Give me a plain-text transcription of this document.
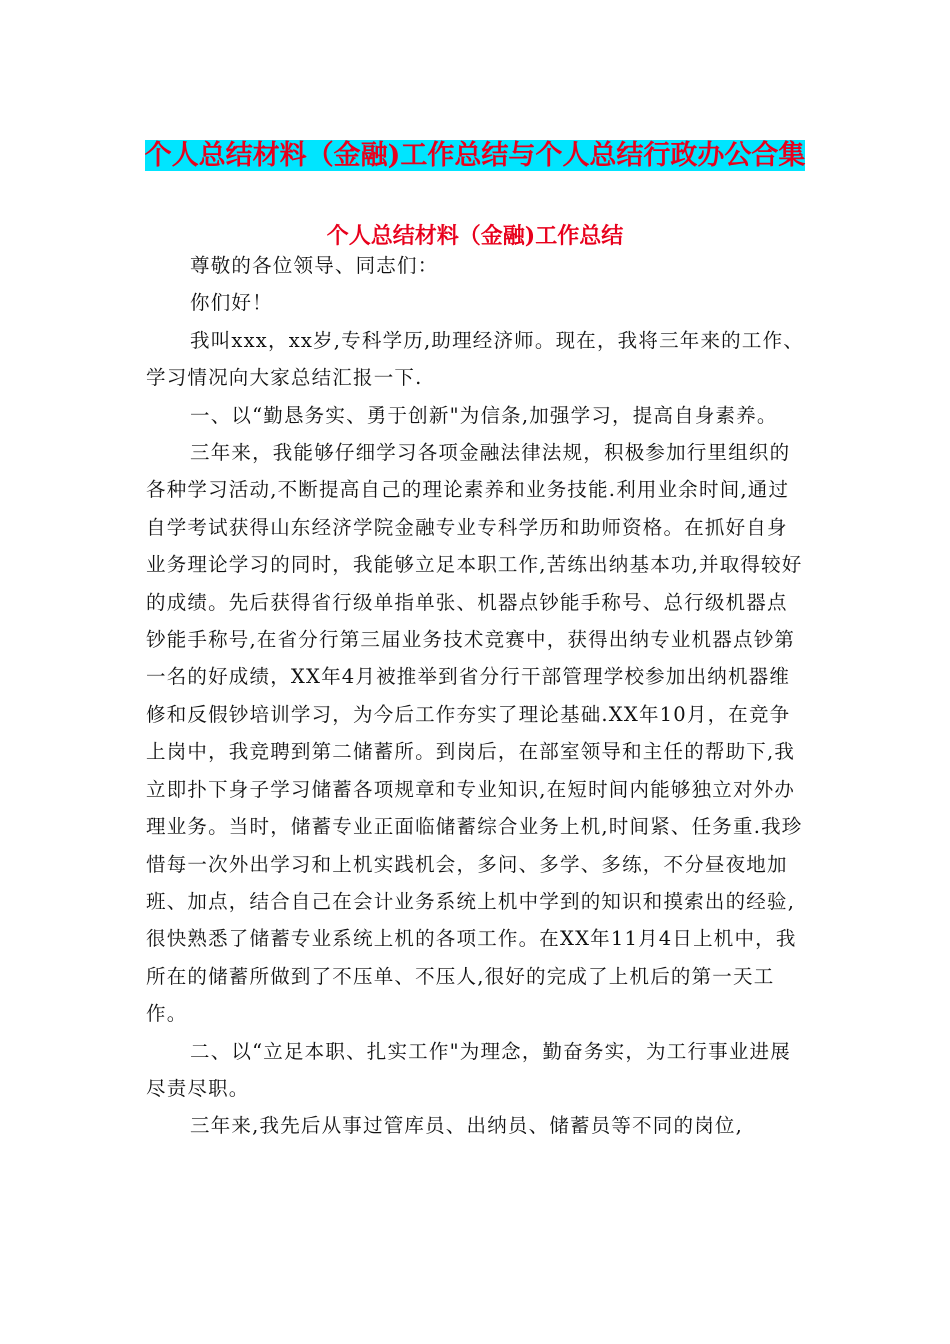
个人总结材料（金融)工作总结与个人总结行政办公合集
个人总结材料（金融)工作总结

尊敬的各位领导、同志们：

你们好！

我叫xxx，xx岁,专科学历,助理经济师。现在，我将三年来的工作、学习情况向大家总结汇报一下.

一、以“勤恳务实、勇于创新"为信条,加强学习，提高自身素养。

三年来，我能够仔细学习各项金融法律法规，积极参加行里组织的各种学习活动,不断提高自己的理论素养和业务技能.利用业余时间,通过自学考试获得山东经济学院金融专业专科学历和助师资格。在抓好自身业务理论学习的同时，我能够立足本职工作,苦练出纳基本功,并取得较好的成绩。先后获得省行级单指单张、机器点钞能手称号、总行级机器点钞能手称号,在省分行第三届业务技术竞赛中，获得出纳专业机器点钞第一名的好成绩，XX年4月被推举到省分行干部管理学校参加出纳机器维修和反假钞培训学习，为今后工作夯实了理论基础.XX年10月，在竞争上岗中，我竞聘到第二储蓄所。到岗后，在部室领导和主任的帮助下,我立即扑下身子学习储蓄各项规章和专业知识,在短时间内能够独立对外办理业务。当时，储蓄专业正面临储蓄综合业务上机,时间紧、任务重.我珍惜每一次外出学习和上机实践机会，多问、多学、多练，不分昼夜地加班、加点，结合自己在会计业务系统上机中学到的知识和摸索出的经验,很快熟悉了储蓄专业系统上机的各项工作。在XX年11月4日上机中，我所在的储蓄所做到了不压单、不压人,很好的完成了上机后的第一天工作。

二、以“立足本职、扎实工作"为理念，勤奋务实，为工行事业进展尽责尽职。

三年来,我先后从事过管库员、出纳员、储蓄员等不同的岗位,
